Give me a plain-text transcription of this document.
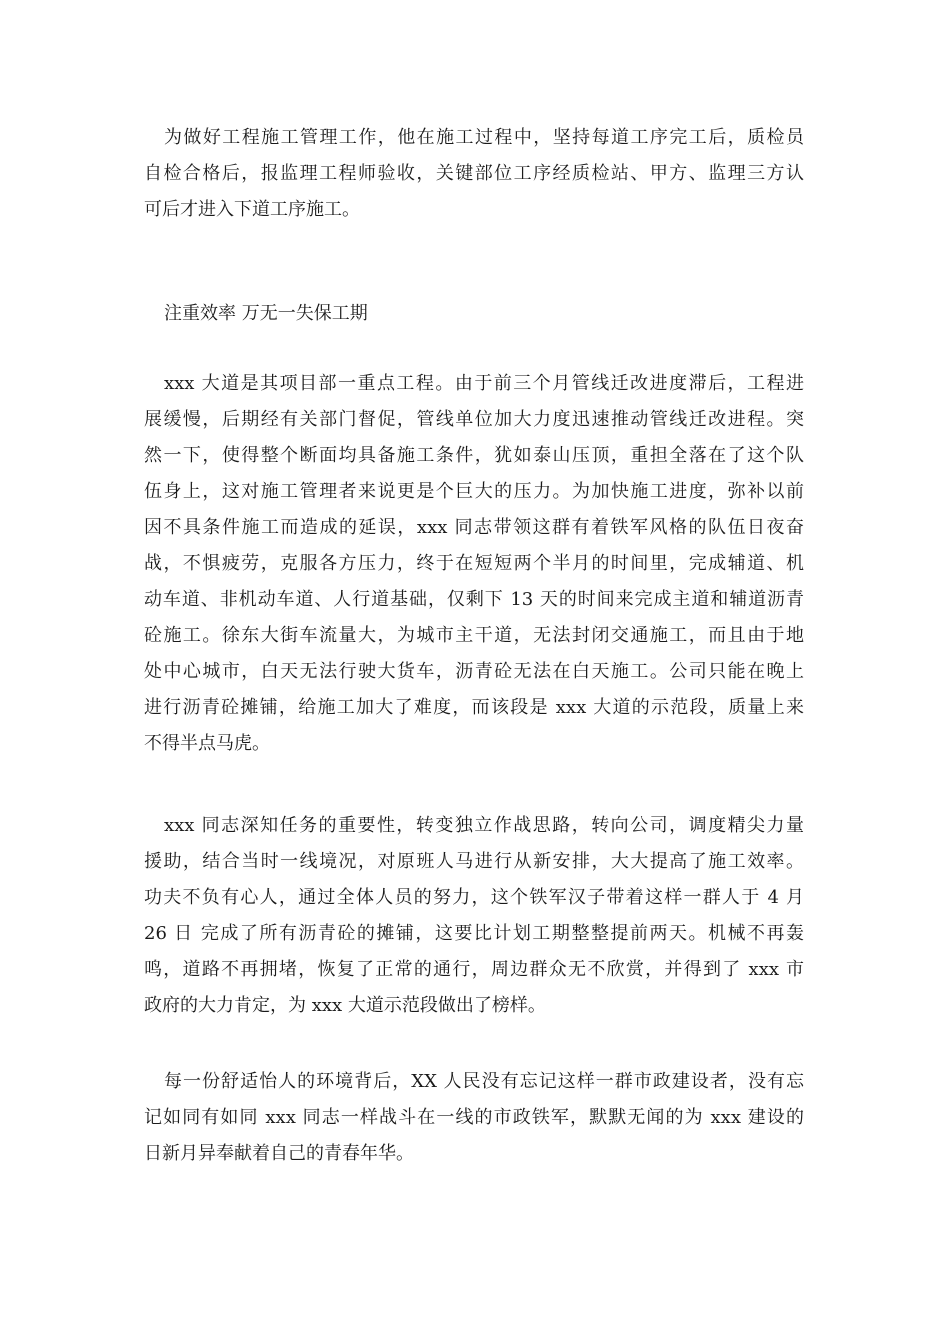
为做好工程施工管理工作，他在施工过程中，坚持每道工序完工后，质检员
自检合格后，报监理工程师验收，关键部位工序经质检站、甲方、监理三方认
可后才进入下道工序施工。
注重效率 万无一失保工期
xxx 大道是其项目部一重点工程。由于前三个月管线迁改进度滞后，工程进
展缓慢，后期经有关部门督促，管线单位加大力度迅速推动管线迁改进程。突
然一下，使得整个断面均具备施工条件，犹如泰山压顶，重担全落在了这个队
伍身上，这对施工管理者来说更是个巨大的压力。为加快施工进度，弥补以前
因不具条件施工而造成的延误，xxx 同志带领这群有着铁军风格的队伍日夜奋
战，不惧疲劳，克服各方压力，终于在短短两个半月的时间里，完成辅道、机
动车道、非机动车道、人行道基础，仅剩下 13 天的时间来完成主道和辅道沥青
砼施工。徐东大街车流量大，为城市主干道，无法封闭交通施工，而且由于地
处中心城市，白天无法行驶大货车，沥青砼无法在白天施工。公司只能在晚上
进行沥青砼摊铺，给施工加大了难度，而该段是 xxx 大道的示范段，质量上来
不得半点马虎。
xxx 同志深知任务的重要性，转变独立作战思路，转向公司，调度精尖力量
援助，结合当时一线境况，对原班人马进行从新安排，大大提高了施工效率。
功夫不负有心人，通过全体人员的努力，这个铁军汉子带着这样一群人于 4 月
26 日 完成了所有沥青砼的摊铺，这要比计划工期整整提前两天。机械不再轰
鸣，道路不再拥堵，恢复了正常的通行，周边群众无不欣赏，并得到了 xxx 市
政府的大力肯定，为 xxx 大道示范段做出了榜样。
每一份舒适怡人的环境背后，XX 人民没有忘记这样一群市政建设者，没有忘
记如同有如同 xxx 同志一样战斗在一线的市政铁军，默默无闻的为 xxx 建设的
日新月异奉献着自己的青春年华。
